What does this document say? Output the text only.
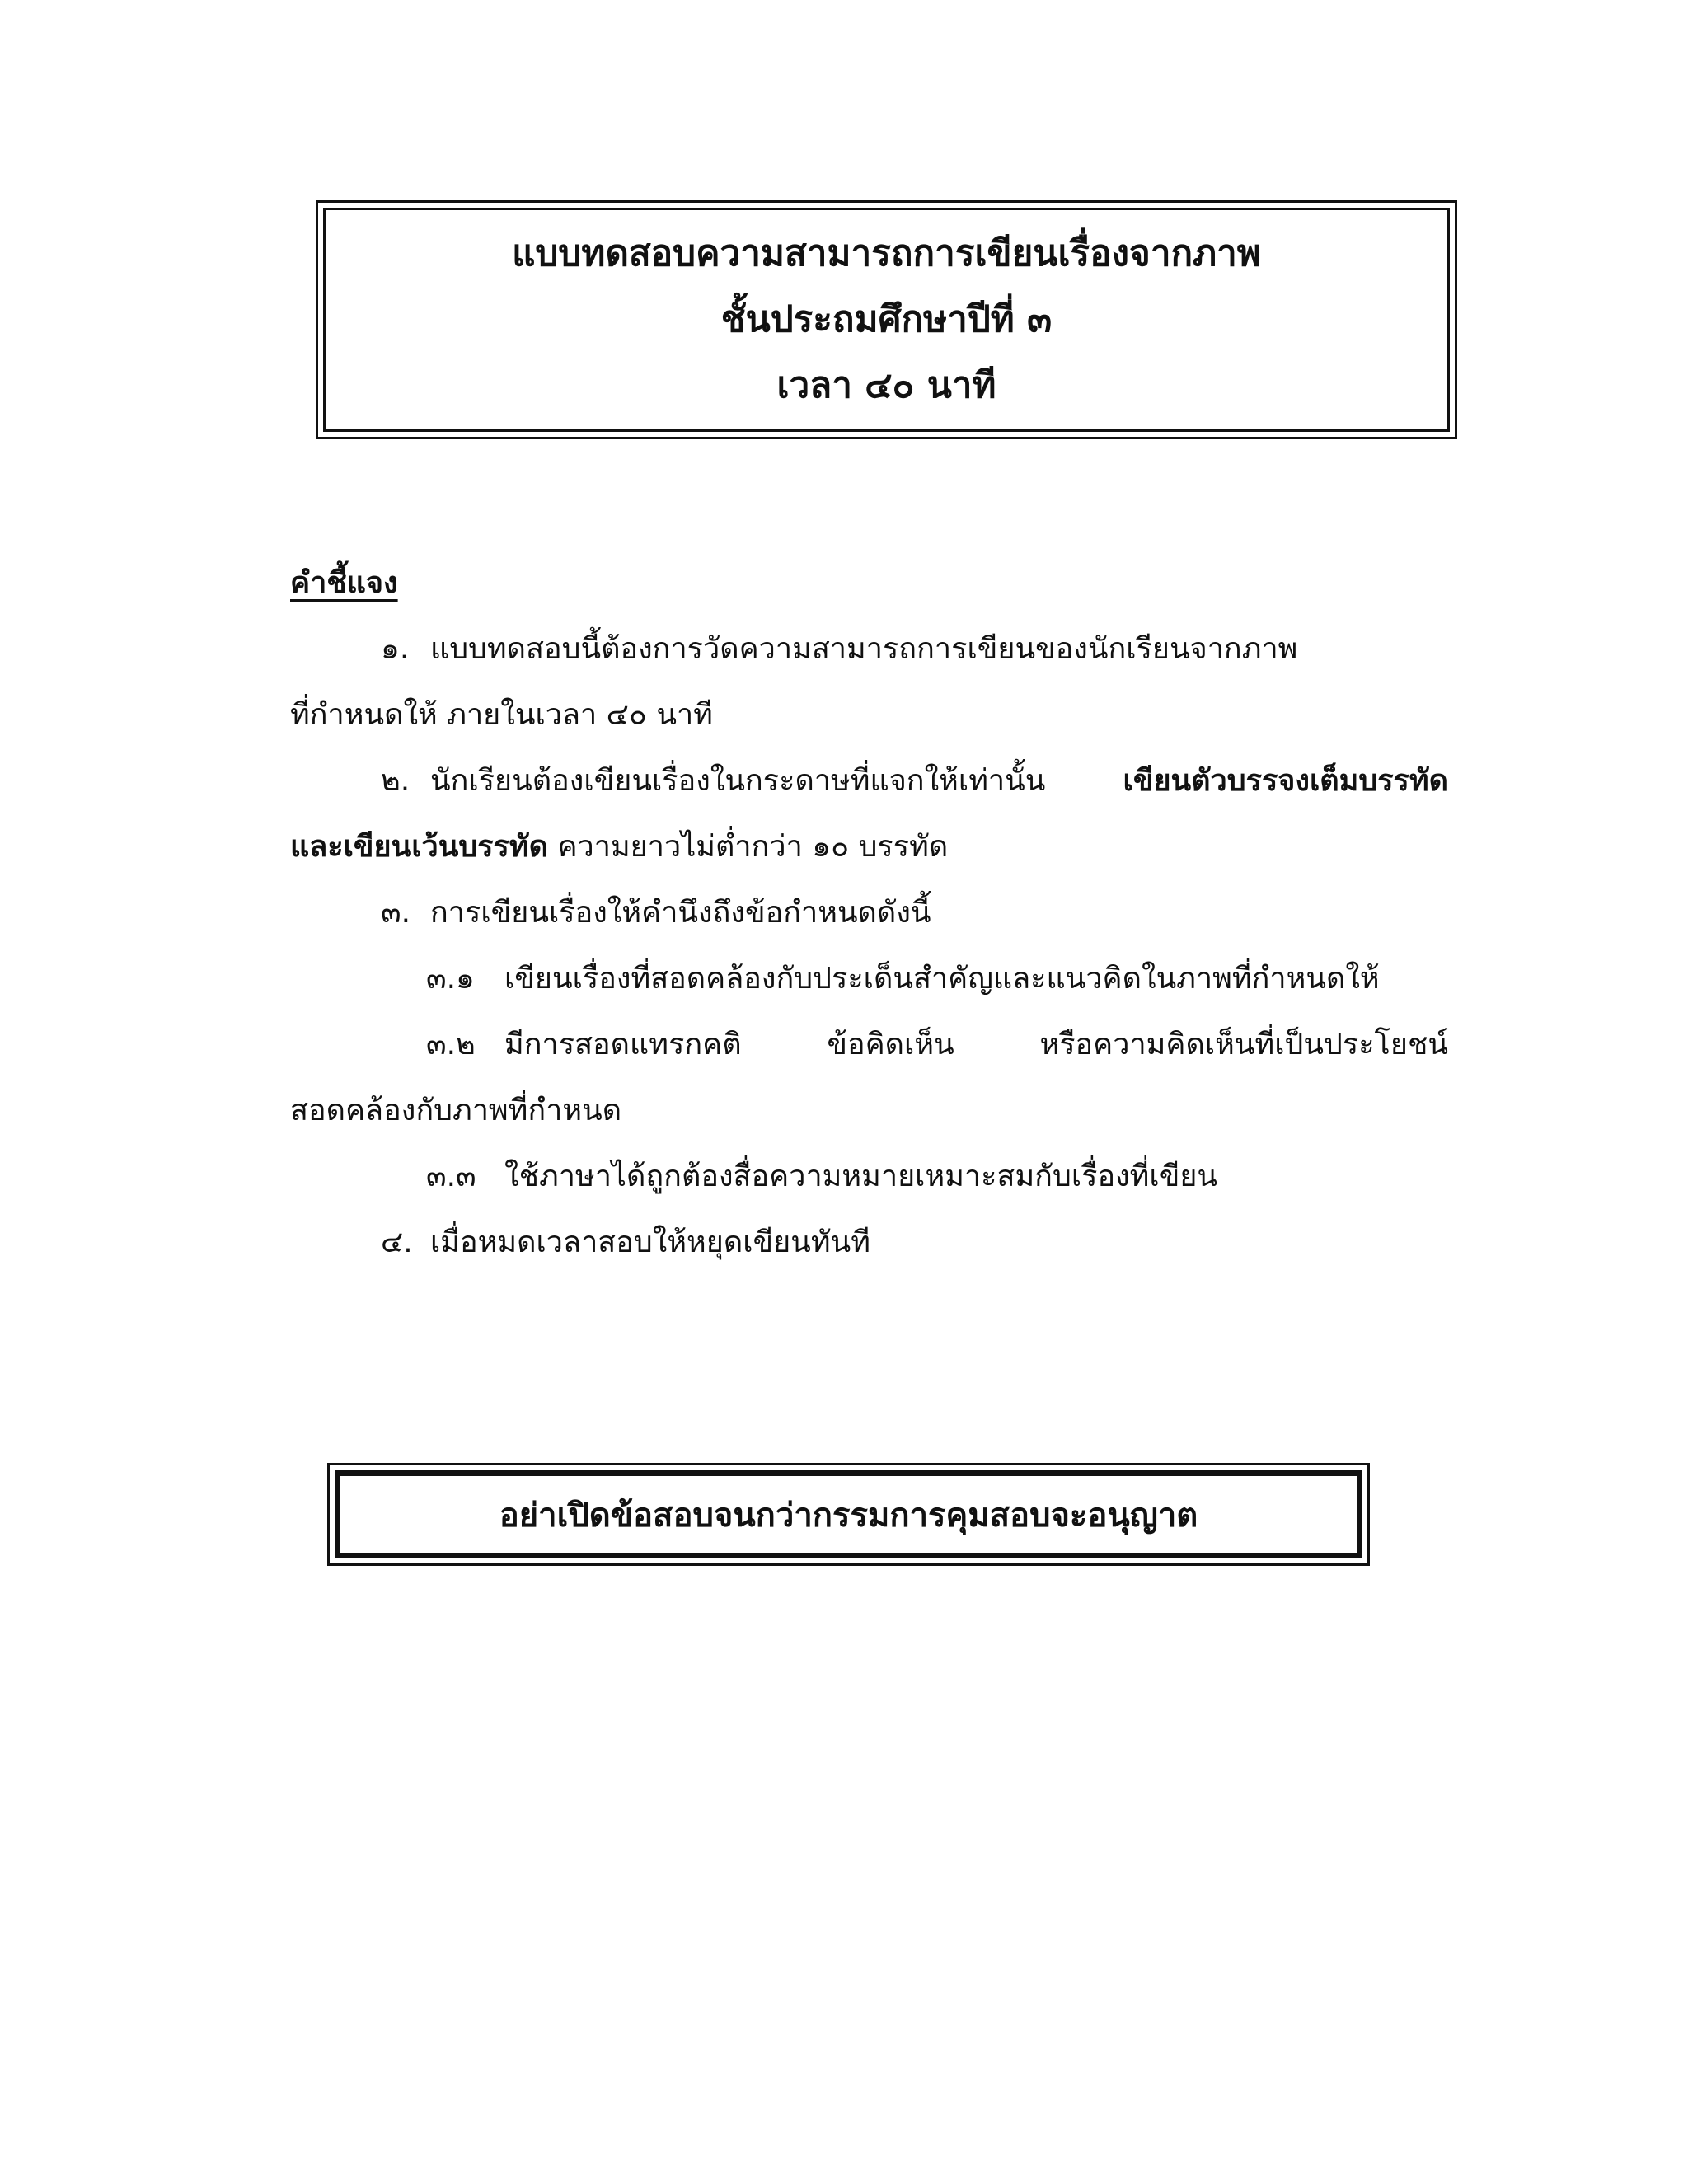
แบบทดสอบความสามารถการเขียนเรื่องจากภาพ
ชั้นประถมศึกษาปีที่ ๓
เวลา ๔๐ นาที
คำชี้แจง
๑. แบบทดสอบนี้ต้องการวัดความสามารถการเขียนของนักเรียนจากภาพ
ที่กำหนดให้ ภายในเวลา ๔๐ นาที
๒. นักเรียนต้องเขียนเรื่องในกระดาษที่แจกให้เท่านั้น	เขียนตัวบรรจงเต็มบรรทัด
และเขียนเว้นบรรทัด ความยาวไม่ต่ำกว่า ๑๐ บรรทัด
๓. การเขียนเรื่องให้คำนึงถึงข้อกำหนดดังนี้
๓.๑ เขียนเรื่องที่สอดคล้องกับประเด็นสำคัญและแนวคิดในภาพที่กำหนดให้
๓.๒ มีการสอดแทรกคติ ข้อคิดเห็น หรือความคิดเห็นที่เป็นประโยชน์
สอดคล้องกับภาพที่กำหนด
๓.๓ ใช้ภาษาได้ถูกต้องสื่อความหมายเหมาะสมกับเรื่องที่เขียน
๔. เมื่อหมดเวลาสอบให้หยุดเขียนทันที
อย่าเปิดข้อสอบจนกว่ากรรมการคุมสอบจะอนุญาต
